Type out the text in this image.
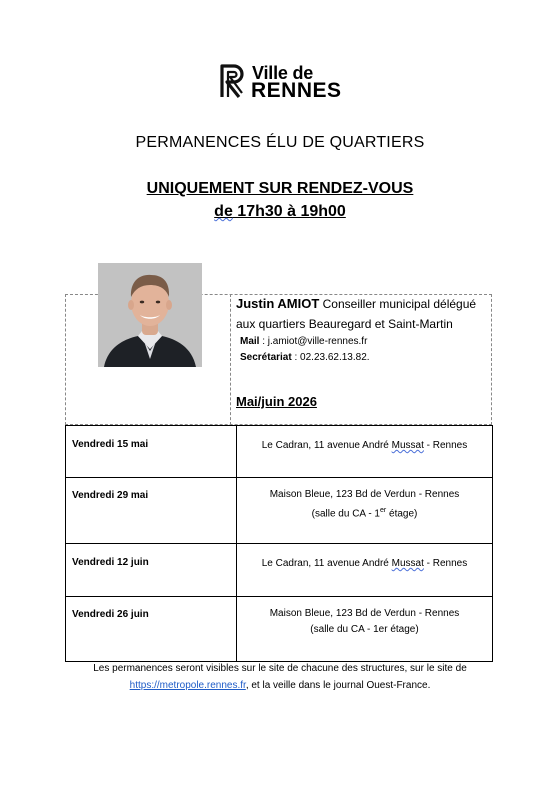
Ville de
RENNES
PERMANENCES ÉLU DE QUARTIERS
UNIQUEMENT SUR RENDEZ-VOUS
de 17h30 à 19h00
Justin AMIOT Conseiller municipal délégué
aux quartiers Beauregard et Saint-Martin
Mail : j.amiot@ville-rennes.fr
Secrétariat : 02.23.62.13.82.
Mai/juin 2026
Vendredi 15 mai	Le Cadran, 11 avenue André Mussat - Rennes
Vendredi 29 mai	Maison Bleue, 123 Bd de Verdun - Rennes
(salle du CA - 1er étage)

Vendredi 12 juin	Le Cadran, 11 avenue André Mussat - Rennes
Vendredi 26 juin	Maison Bleue, 123 Bd de Verdun - Rennes
(salle du CA - 1er étage)
Les permanences seront visibles sur le site de chacune des structures, sur le site de
https://metropole.rennes.fr, et la veille dans le journal Ouest-France.
